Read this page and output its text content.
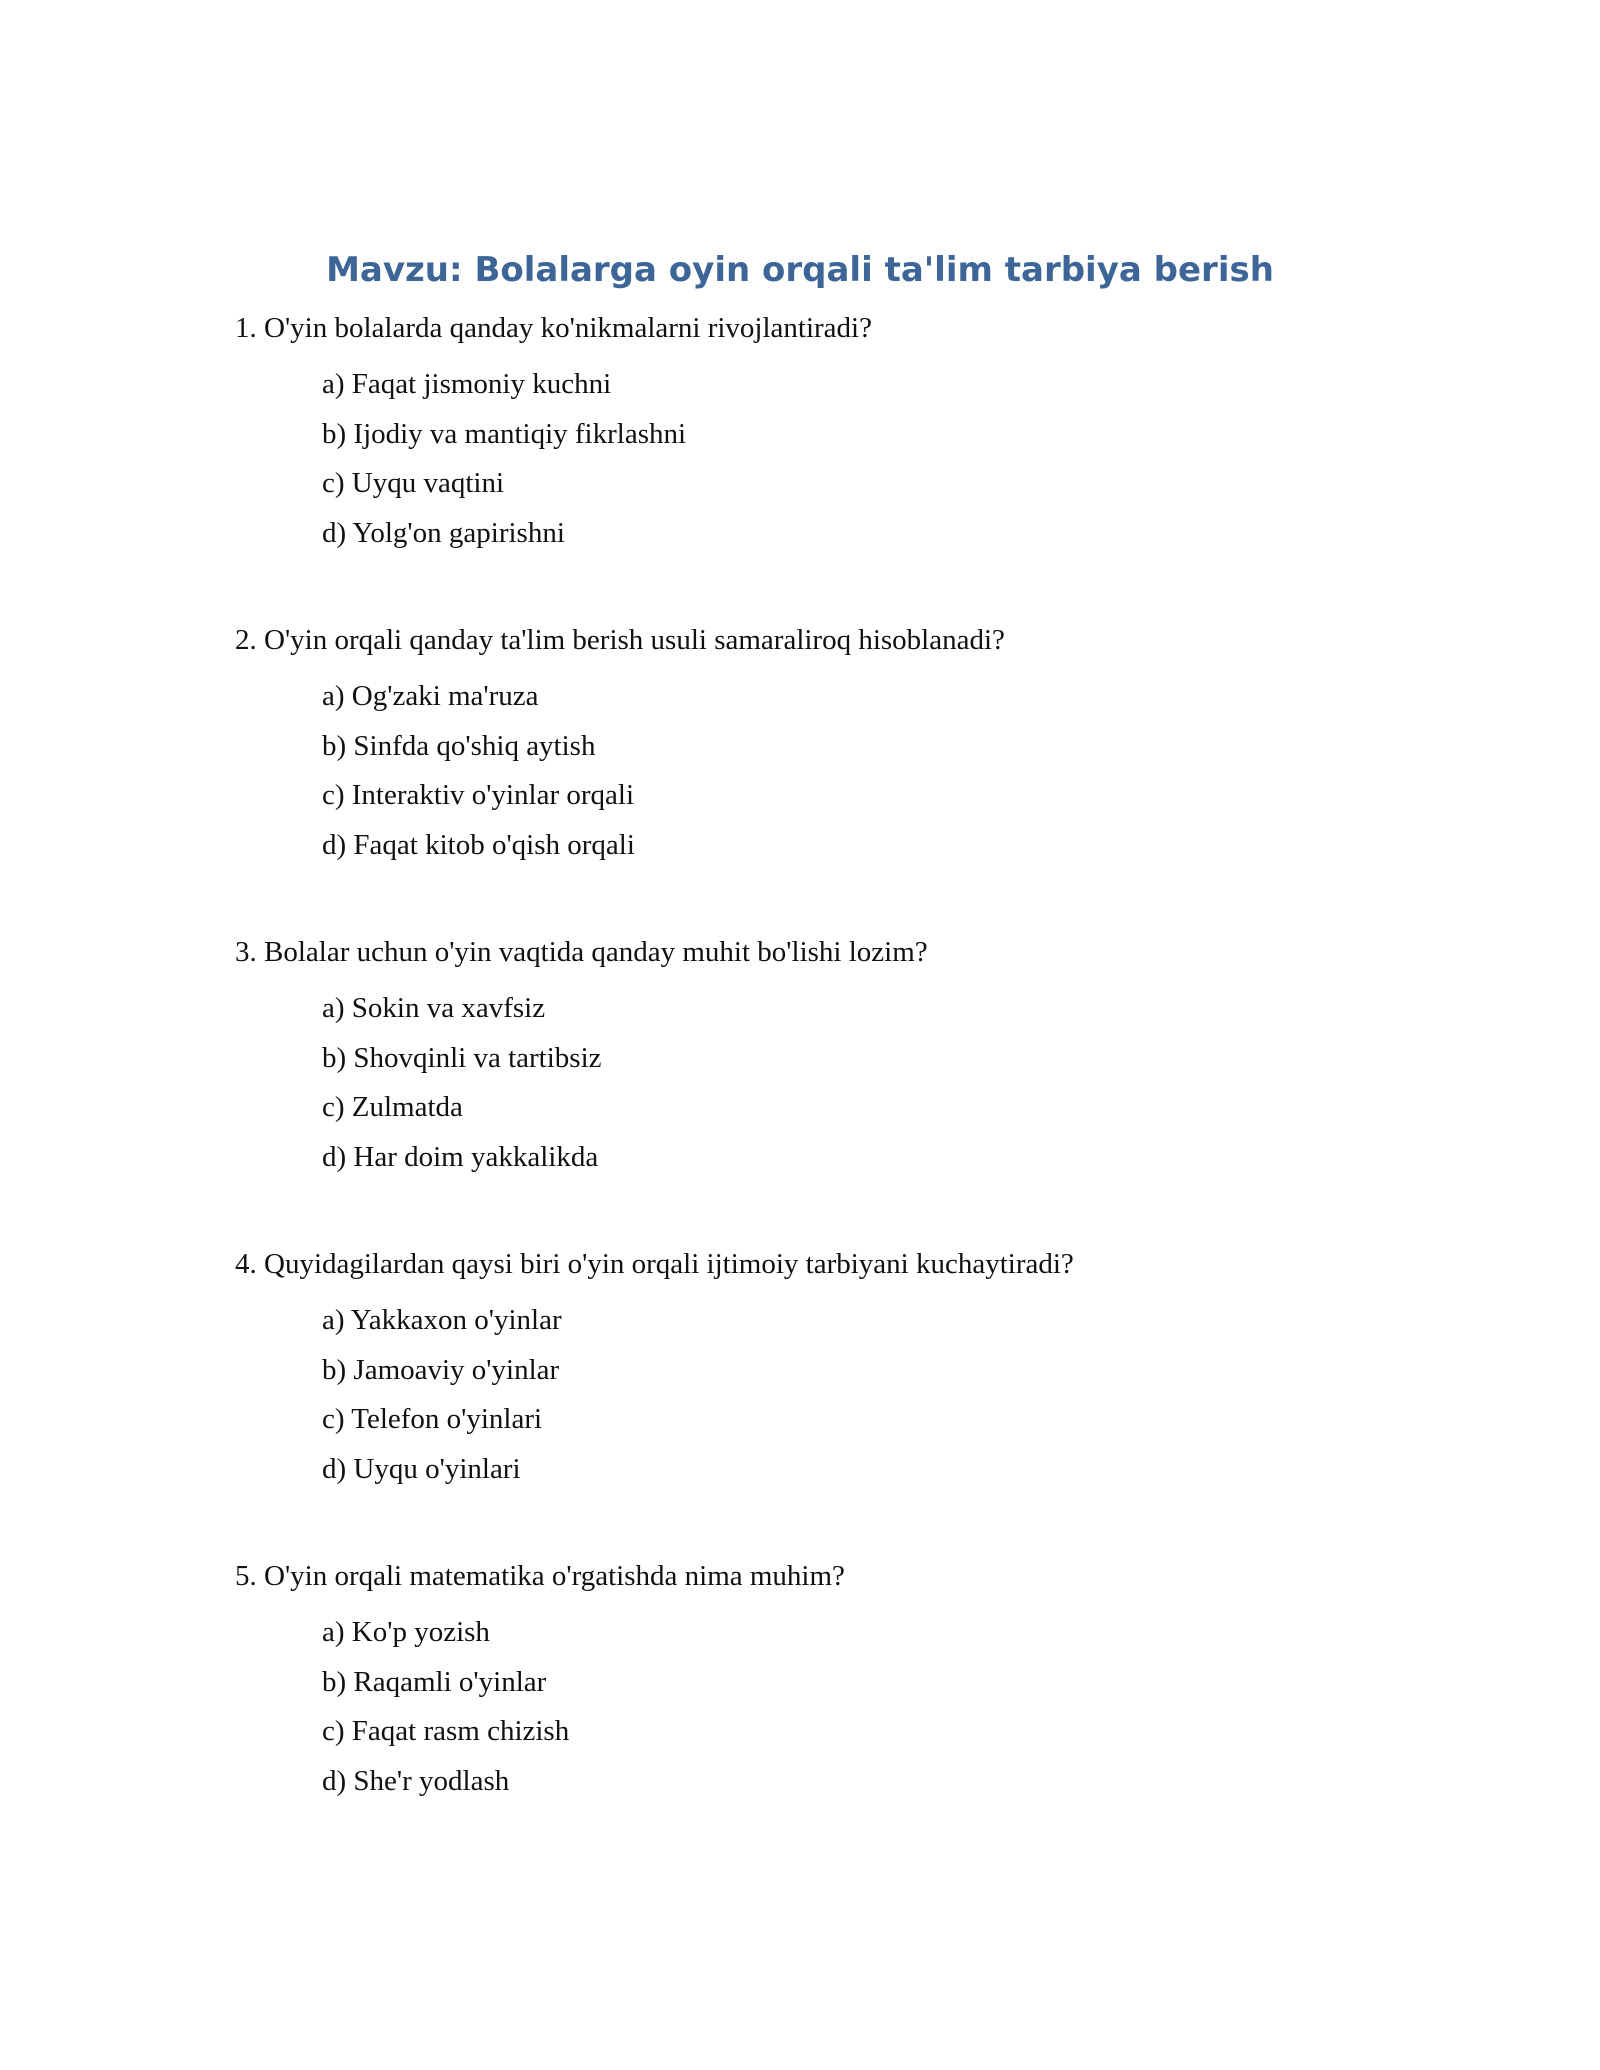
Mavzu: Bolalarga oyin orqali ta'lim tarbiya berish

1. O'yin bolalarda qanday ko'nikmalarni rivojlantiradi?

a) Faqat jismoniy kuchni
b) Ijodiy va mantiqiy fikrlashni
c) Uyqu vaqtini
d) Yolg'on gapirishni

2. O'yin orqali qanday ta'lim berish usuli samaraliroq hisoblanadi?

a) Og'zaki ma'ruza
b) Sinfda qo'shiq aytish
c) Interaktiv o'yinlar orqali
d) Faqat kitob o'qish orqali

3. Bolalar uchun o'yin vaqtida qanday muhit bo'lishi lozim?

a) Sokin va xavfsiz
b) Shovqinli va tartibsiz
c) Zulmatda
d) Har doim yakkalikda

4. Quyidagilardan qaysi biri o'yin orqali ijtimoiy tarbiyani kuchaytiradi?

a) Yakkaxon o'yinlar
b) Jamoaviy o'yinlar
c) Telefon o'yinlari
d) Uyqu o'yinlari

5. O'yin orqali matematika o'rgatishda nima muhim?

a) Ko'p yozish
b) Raqamli o'yinlar
c) Faqat rasm chizish
d) She'r yodlash
